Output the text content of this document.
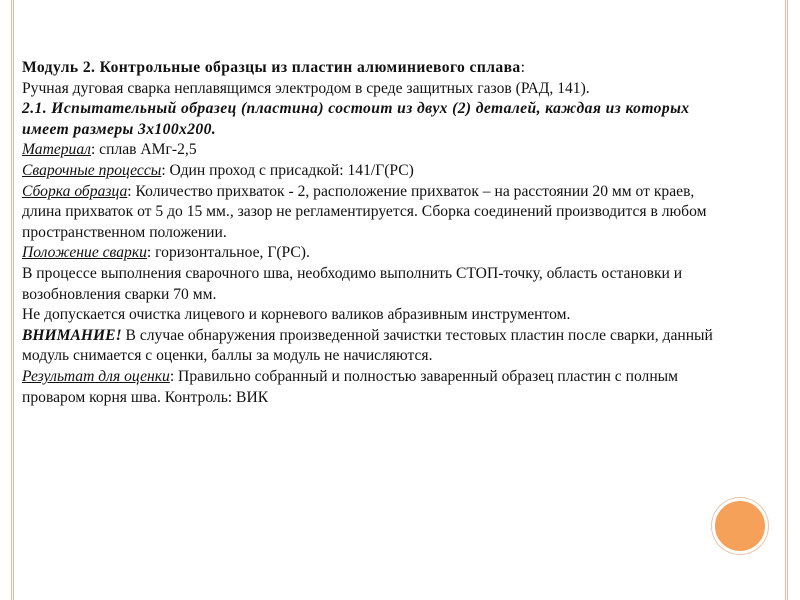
Модуль 2. Контрольные образцы из пластин алюминиевого сплава:

Ручная дуговая сварка неплавящимся электродом в среде защитных газов (РАД, 141).

2.1. Испытательный образец (пластина) состоит из двух (2) деталей, каждая из которых имеет размеры 3x100x200.

Материал: сплав АМг-2,5

Сварочные процессы: Один проход с присадкой: 141/Г(РС)

Сборка образца: Количество прихваток - 2, расположение прихваток – на расстоянии 20 мм от краев, длина прихваток от 5 до 15 мм., зазор не регламентируется. Сборка соединений производится в любом пространственном положении.

Положение сварки: горизонтальное, Г(РС).

В процессе выполнения сварочного шва, необходимо выполнить СТОП-точку, область остановки и возобновления сварки 70 мм.

Не допускается очистка лицевого и корневого валиков абразивным инструментом.

ВНИМАНИЕ! В случае обнаружения произведенной зачистки тестовых пластин после сварки, данный модуль снимается с оценки, баллы за модуль не начисляются.

Результат для оценки: Правильно собранный и полностью заваренный образец пластин с полным проваром корня шва. Контроль: ВИК
